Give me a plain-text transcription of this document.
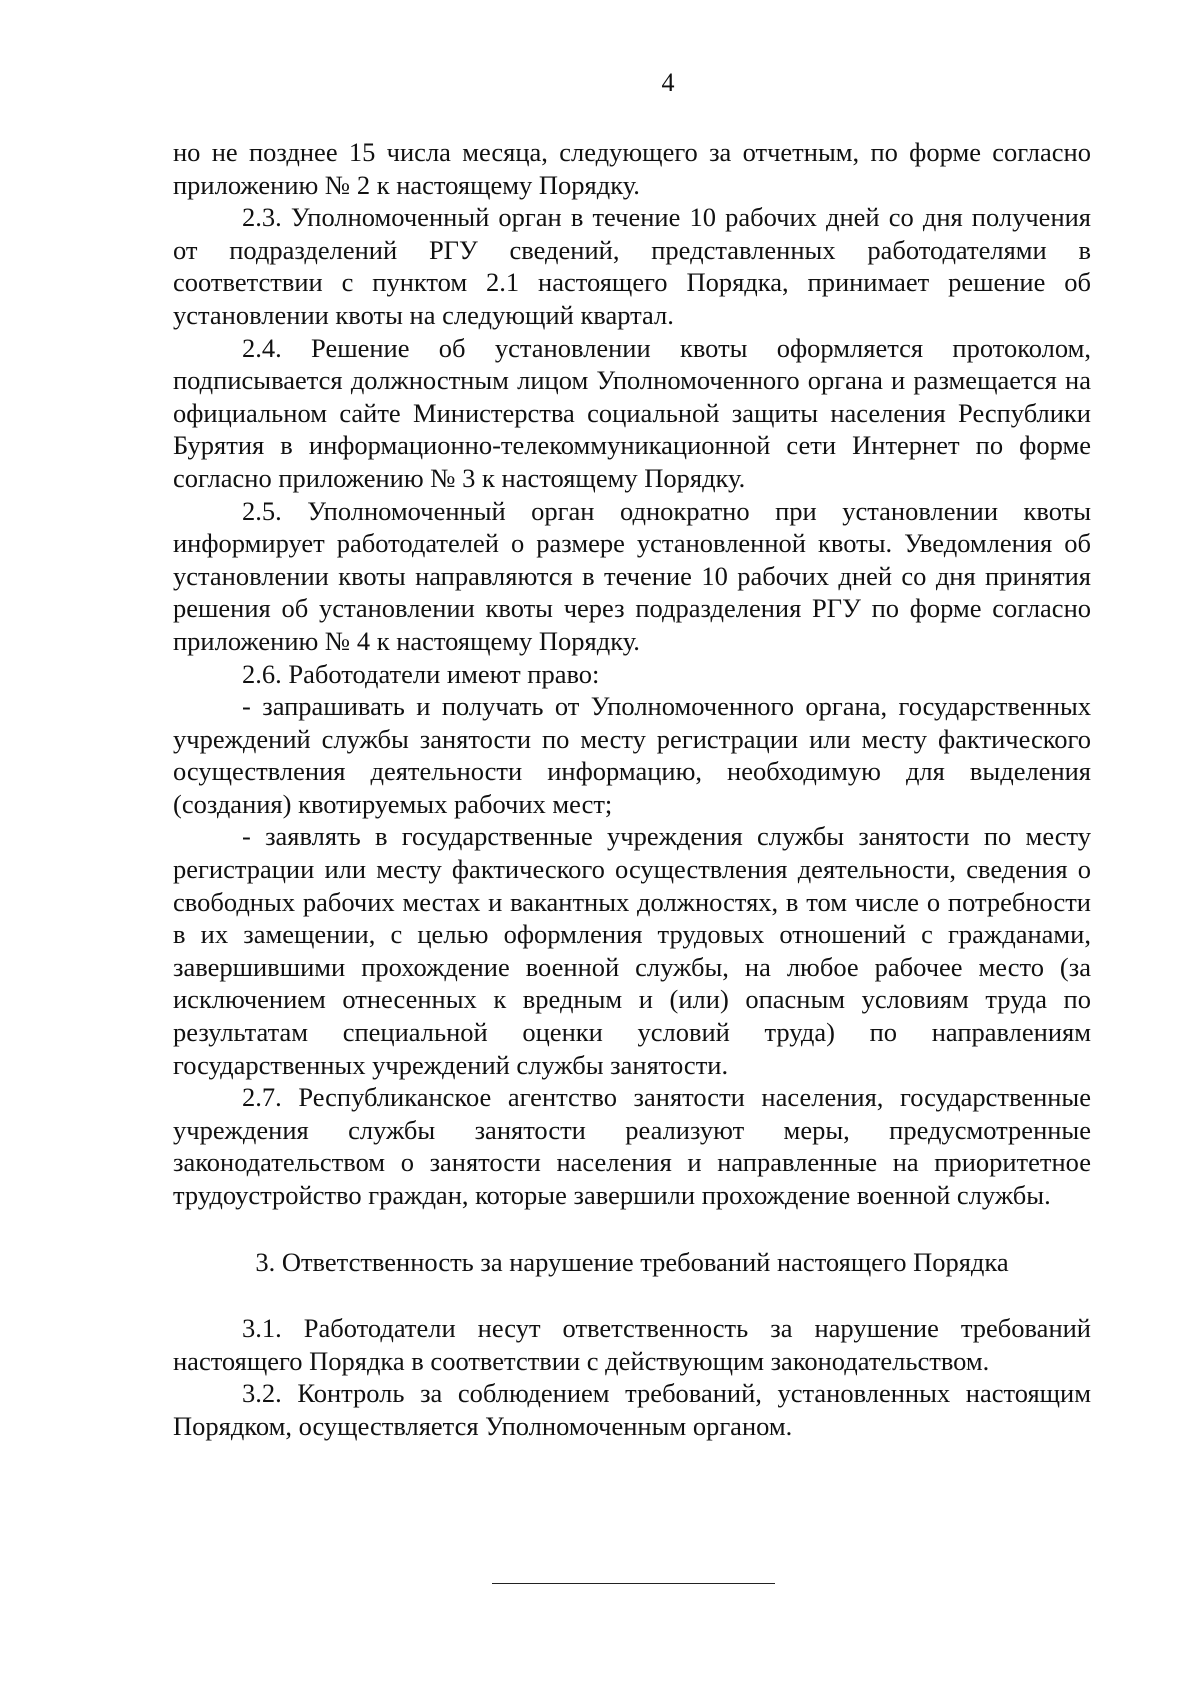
4

но не позднее 15 числа месяца, следующего за отчетным, по форме согласно приложению № 2 к настоящему Порядку.

2.3. Уполномоченный орган в течение 10 рабочих дней со дня получения от подразделений РГУ сведений, представленных работодателями в соответствии с пунктом 2.1 настоящего Порядка, принимает решение об установлении квоты на следующий квартал.

2.4. Решение об установлении квоты оформляется протоколом, подписывается должностным лицом Уполномоченного органа и размещается на официальном сайте Министерства социальной защиты населения Республики Бурятия в информационно-телекоммуникационной сети Интернет по форме согласно приложению № 3 к настоящему Порядку.

2.5. Уполномоченный орган однократно при установлении квоты информирует работодателей о размере установленной квоты. Уведомления об установлении квоты направляются в течение 10 рабочих дней со дня принятия решения об установлении квоты через подразделения РГУ по форме согласно приложению № 4 к настоящему Порядку.

2.6. Работодатели имеют право:

- запрашивать и получать от Уполномоченного органа, государственных учреждений службы занятости по месту регистрации или месту фактического осуществления деятельности информацию, необходимую для выделения (создания) квотируемых рабочих мест;

- заявлять в государственные учреждения службы занятости по месту регистрации или месту фактического осуществления деятельности, сведения о свободных рабочих местах и вакантных должностях, в том числе о потребности в их замещении, с целью оформления трудовых отношений с гражданами, завершившими прохождение военной службы, на любое рабочее место (за исключением отнесенных к вредным и (или) опасным условиям труда по результатам специальной оценки условий труда) по направлениям государственных учреждений службы занятости.

2.7. Республиканское агентство занятости населения, государственные учреждения службы занятости реализуют меры, предусмотренные законодательством о занятости населения и направленные на приоритетное трудоустройство граждан, которые завершили прохождение военной службы.

3. Ответственность за нарушение требований настоящего Порядка

3.1. Работодатели несут ответственность за нарушение требований настоящего Порядка в соответствии с действующим законодательством.

3.2. Контроль за соблюдением требований, установленных настоящим Порядком, осуществляется Уполномоченным органом.
